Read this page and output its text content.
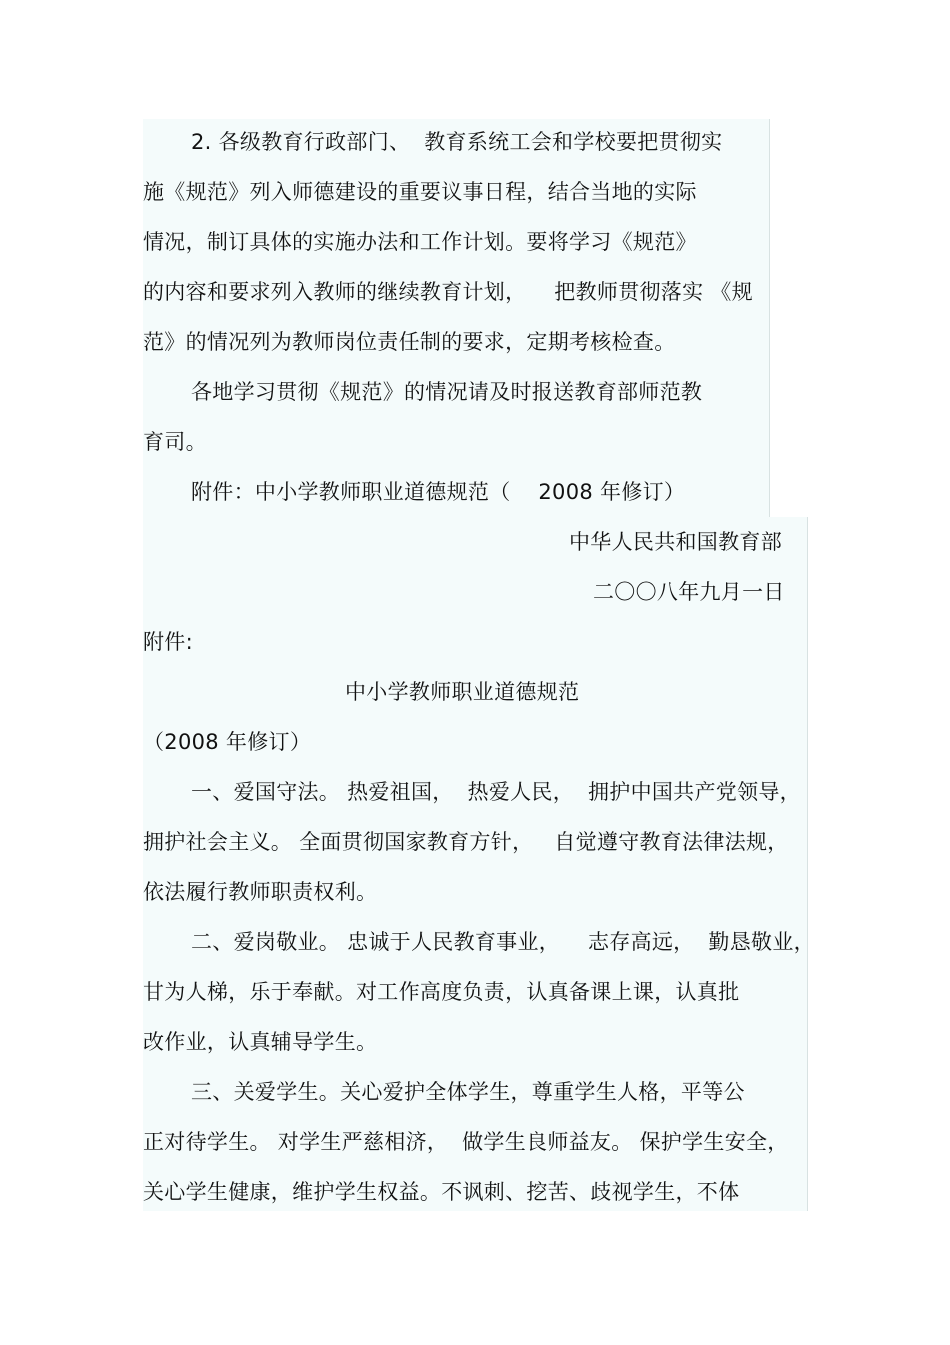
2. 各级教育行政部门、  教育系统工会和学校要把贯彻实
施《规范》列入师德建设的重要议事日程，结合当地的实际
情况，制订具体的实施办法和工作计划。要将学习《规范》
的内容和要求列入教师的继续教育计划，    把教师贯彻落实 《规
范》的情况列为教师岗位责任制的要求，定期考核检查。
各地学习贯彻《规范》的情况请及时报送教育部师范教
育司。
附件：中小学教师职业道德规范（    2008 年修订）
中华人民共和国教育部
二〇〇八年九月一日
附件:
中小学教师职业道德规范
（2008 年修订）
一、爱国守法。 热爱祖国，  热爱人民，  拥护中国共产党领导，
拥护社会主义。 全面贯彻国家教育方针，   自觉遵守教育法律法规，
依法履行教师职责权利。
二、爱岗敬业。 忠诚于人民教育事业，    志存高远，  勤恳敬业，
甘为人梯，乐于奉献。对工作高度负责，认真备课上课，认真批
改作业，认真辅导学生。
三、关爱学生。关心爱护全体学生，尊重学生人格，平等公
正对待学生。 对学生严慈相济，  做学生良师益友。 保护学生安全，
关心学生健康，维护学生权益。不讽刺、挖苦、歧视学生，不体
